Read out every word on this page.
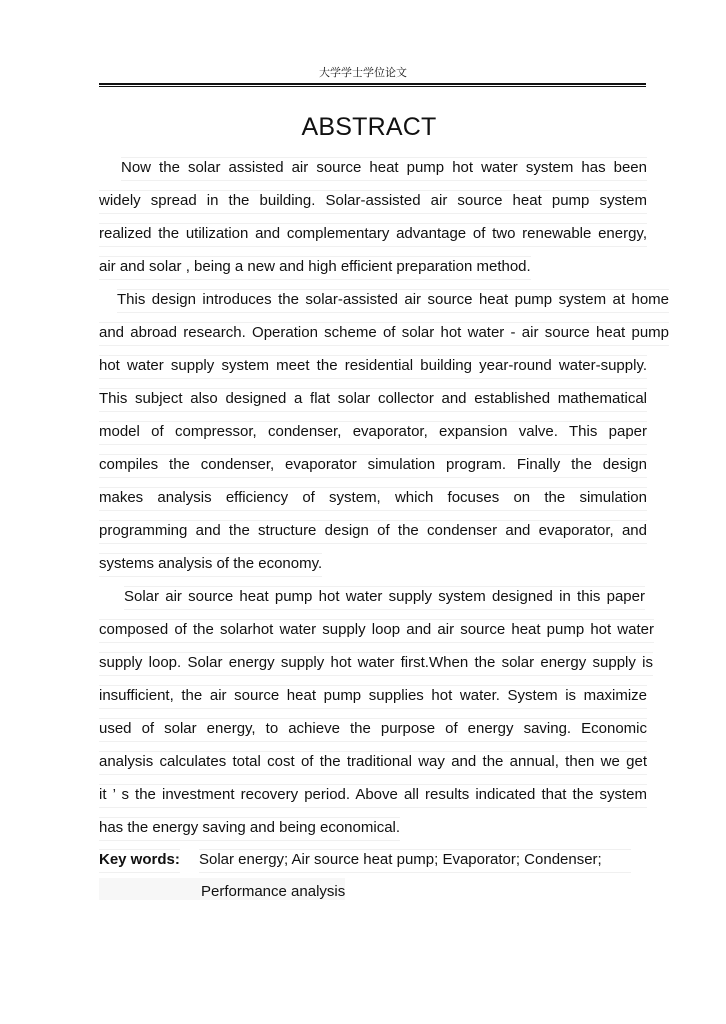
大学学士学位论文
ABSTRACT
Now the solar assisted air source heat pump hot water system has been
widely spread in the building. Solar-assisted air source heat pump system
realized the utilization and complementary advantage of two renewable energy,
air and solar , being a new and high efficient preparation method.
This design introduces the solar-assisted air source heat pump system at home
and abroad research. Operation scheme of solar hot water - air source heat pump
hot water supply system meet the residential building year-round water-supply.
This subject also designed a flat solar collector and established mathematical
model of compressor, condenser, evaporator, expansion valve. This paper
compiles the condenser, evaporator simulation program. Finally the design
makes analysis efficiency of system, which focuses on the simulation
programming and the structure design of the condenser and evaporator, and
systems analysis of the economy.
Solar air source heat pump hot water supply system designed in this paper
composed of the solarhot water supply loop and air source heat pump hot water
supply loop. Solar energy supply hot water first.When the solar energy supply is
insufficient, the air source heat pump supplies hot water. System is maximize
used of solar energy, to achieve the purpose of energy saving. Economic
analysis calculates total cost of the traditional way and the annual, then we get
it ’ s the investment recovery period. Above all results indicated that the system
has the energy saving and being economical.
Key words: Solar energy; Air source heat pump; Evaporator; Condenser;
Performance analysis
